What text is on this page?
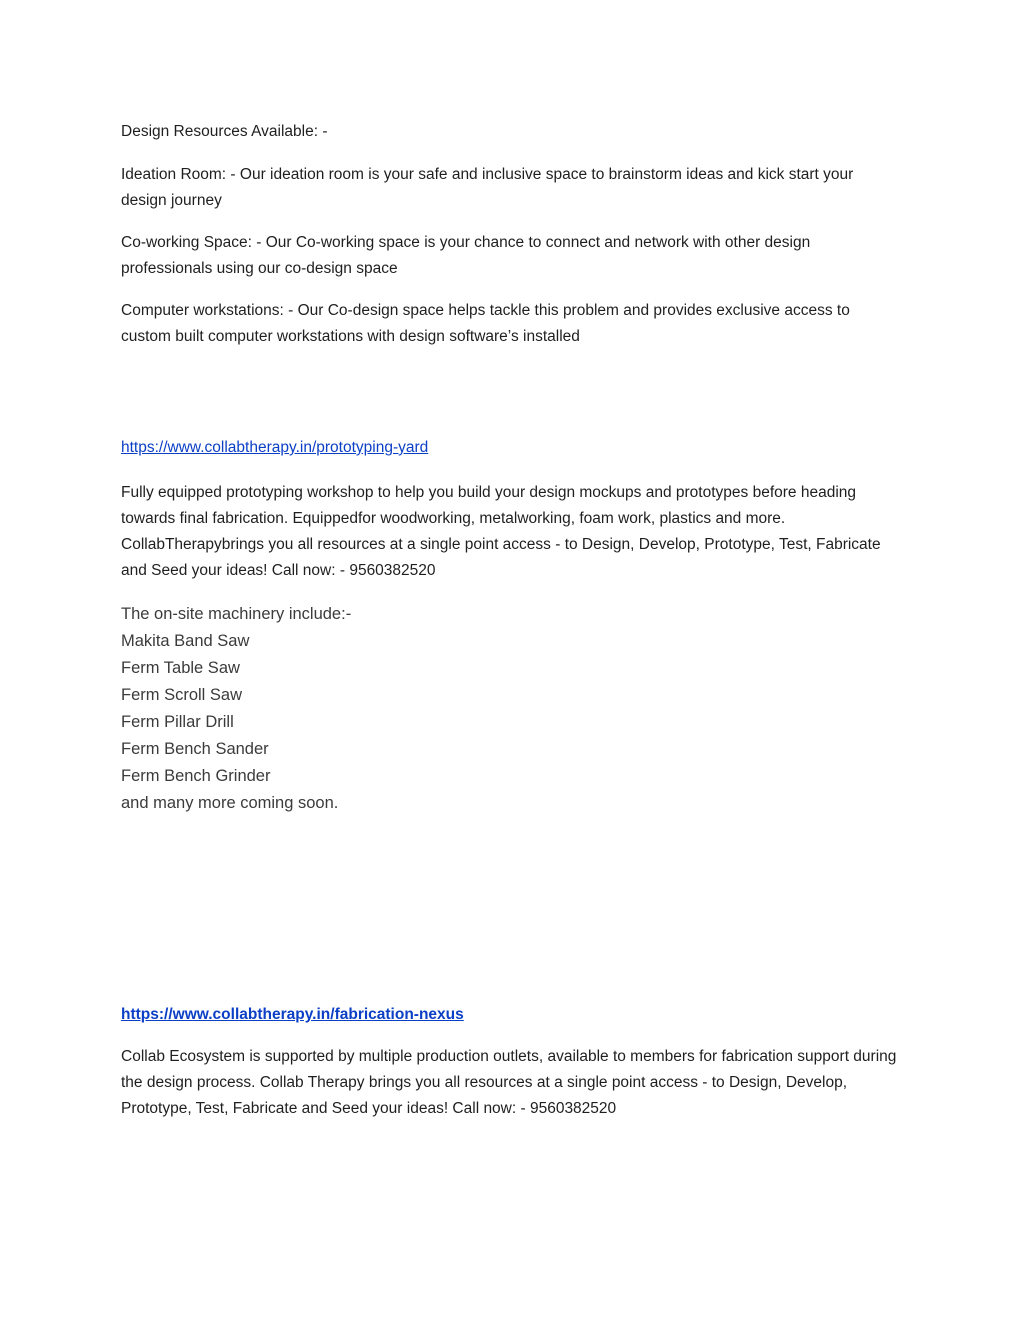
Design Resources Available: -

Ideation Room: - Our ideation room is your safe and inclusive space to brainstorm ideas and kick start your design journey

Co-working Space: - Our Co-working space is your chance to connect and network with other design professionals using our co-design space

Computer workstations: - Our Co-design space helps tackle this problem and provides exclusive access to custom built computer workstations with design software’s installed

https://www.collabtherapy.in/prototyping-yard

Fully equipped prototyping workshop to help you build your design mockups and prototypes before heading towards final fabrication. Equippedfor woodworking, metalworking, foam work, plastics and more. CollabTherapybrings you all resources at a single point access - to Design, Develop, Prototype, Test, Fabricate and Seed your ideas! Call now: - 9560382520

The on-site machinery include:-
Makita Band Saw
Ferm Table Saw
Ferm Scroll Saw
Ferm Pillar Drill
Ferm Bench Sander
Ferm Bench Grinder
and many more coming soon.

https://www.collabtherapy.in/fabrication-nexus

Collab Ecosystem is supported by multiple production outlets, available to members for fabrication support during the design process. Collab Therapy brings you all resources at a single point access - to Design, Develop, Prototype, Test, Fabricate and Seed your ideas! Call now: - 9560382520
